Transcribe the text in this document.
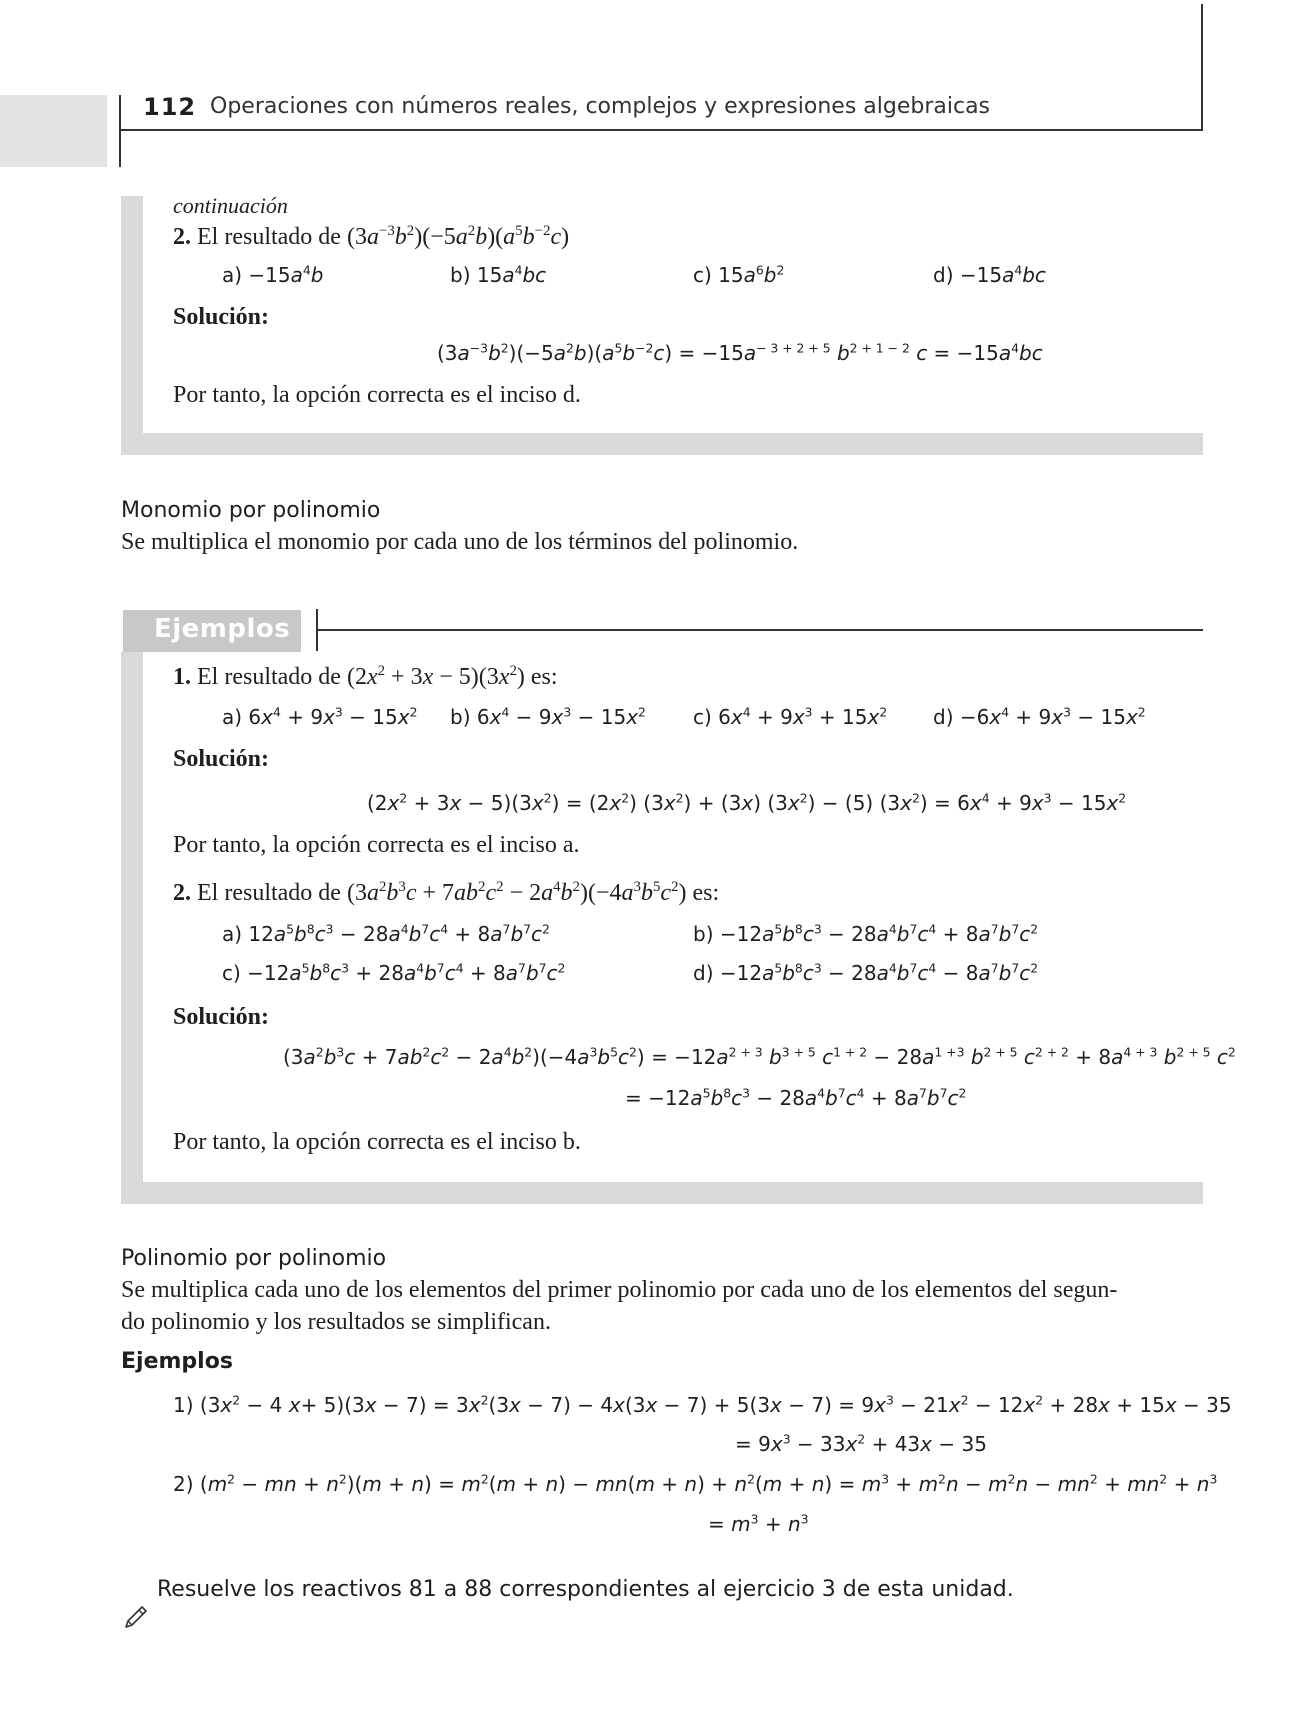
112 Operaciones con números reales, complejos y expresiones algebraicas
continuación
2. El resultado de $(3a^{-3}b^2)(-5a^2b)(a^5b^{-2}c)$
$a) -15a^4b$	b) $15a^4bc$	c) $15a^6b^2$	$d) -15a^4bc$
Solución:
$(3a^{-3}b^2)(-5a^2b)(a^5b^{-2}c) = -15a^{- 3 + 2 + 5}$ $b^{2 + 1 - 2}$ $c = -15a^4bc$
Por tanto, la opción correcta es el inciso d.
Monomio por polinomio
Se multiplica el monomio por cada uno de los términos del polinomio.
Ejemplos
1. El resultado de $(2x^2 + 3x - 5)(3x^2)$ es:
a) $6x^4 + 9x^3 - 15x^2$ b) $6x^4 - 9x^3 - 15x^2$ c) $6x^4 + 9x^3 + 15x^2$ $d) -6x^4 + 9x^3 - 15x^2$
Solución:
$(2x^2 + 3x - 5)(3x^2) = (2x^2) (3x^2) + (3x) (3x^2) - (5) (3x^2) = 6x^4 + 9x^3 - 15x^2$
Por tanto, la opción correcta es el inciso a.
2. El resultado de $(3a^2b^3c + 7ab^2c^2 - 2a^4b^2)(-4a^3b^5c^2)$ es:
a) $12a^5b^8c^3 - 28a^4b^7c^4 + 8a^7b^7c^2$	$b) -12a^5b^8c^3 - 28a^4b^7c^4 + 8a^7b^7c^2$
$c) -12a^5b^8c^3 + 28a^4b^7c^4 + 8a^7b^7c^2$	$d) -12a^5b^8c^3 - 28a^4b^7c^4 - 8a^7b^7c^2$
Solución:
$(3a^2b^3c + 7ab^2c^2 - 2a^4b^2)(-4a^3b^5c^2) = -12a^{2 + 3}$ $b^{3 + 5}$ $c^{1 + 2} - 28a^{1 +3}$ $b^{2 + 5}$ $c^{2 + 2} + 8a^{4 + 3}$ $b^{2 + 5}$ $c^2$
= $-12a^5b^8c^3 - 28a^4b^7c^4 + 8a^7b^7c^2$
Por tanto, la opción correcta es el inciso b.
Polinomio por polinomio
Se multiplica cada uno de los elementos del primer polinomio por cada uno de los elementos del segun-
do polinomio y los resultados se simplifican.
Ejemplos
1) ($3x^2 - 4$ $x+ 5)(3x - 7) = 3x^2(3x - 7) - 4x(3x - 7) + 5(3x - 7) = 9x^3 - 21x^2 - 12x^2 + 28x + 15x - 35$
= $9x^3 - 33x^2 + 43x - 35$
2) ($m^2$ − mn + $n^2)(m + n) = m^2(m + n) - mn(m + n) + n^2(m + n) = m^3 + m^2n - m^2n - mn^2 + mn^2 + n^3$
= $m^3 + n^3$
Resuelve los reactivos 81 a 88 correspondientes al ejercicio 3 de esta unidad.
